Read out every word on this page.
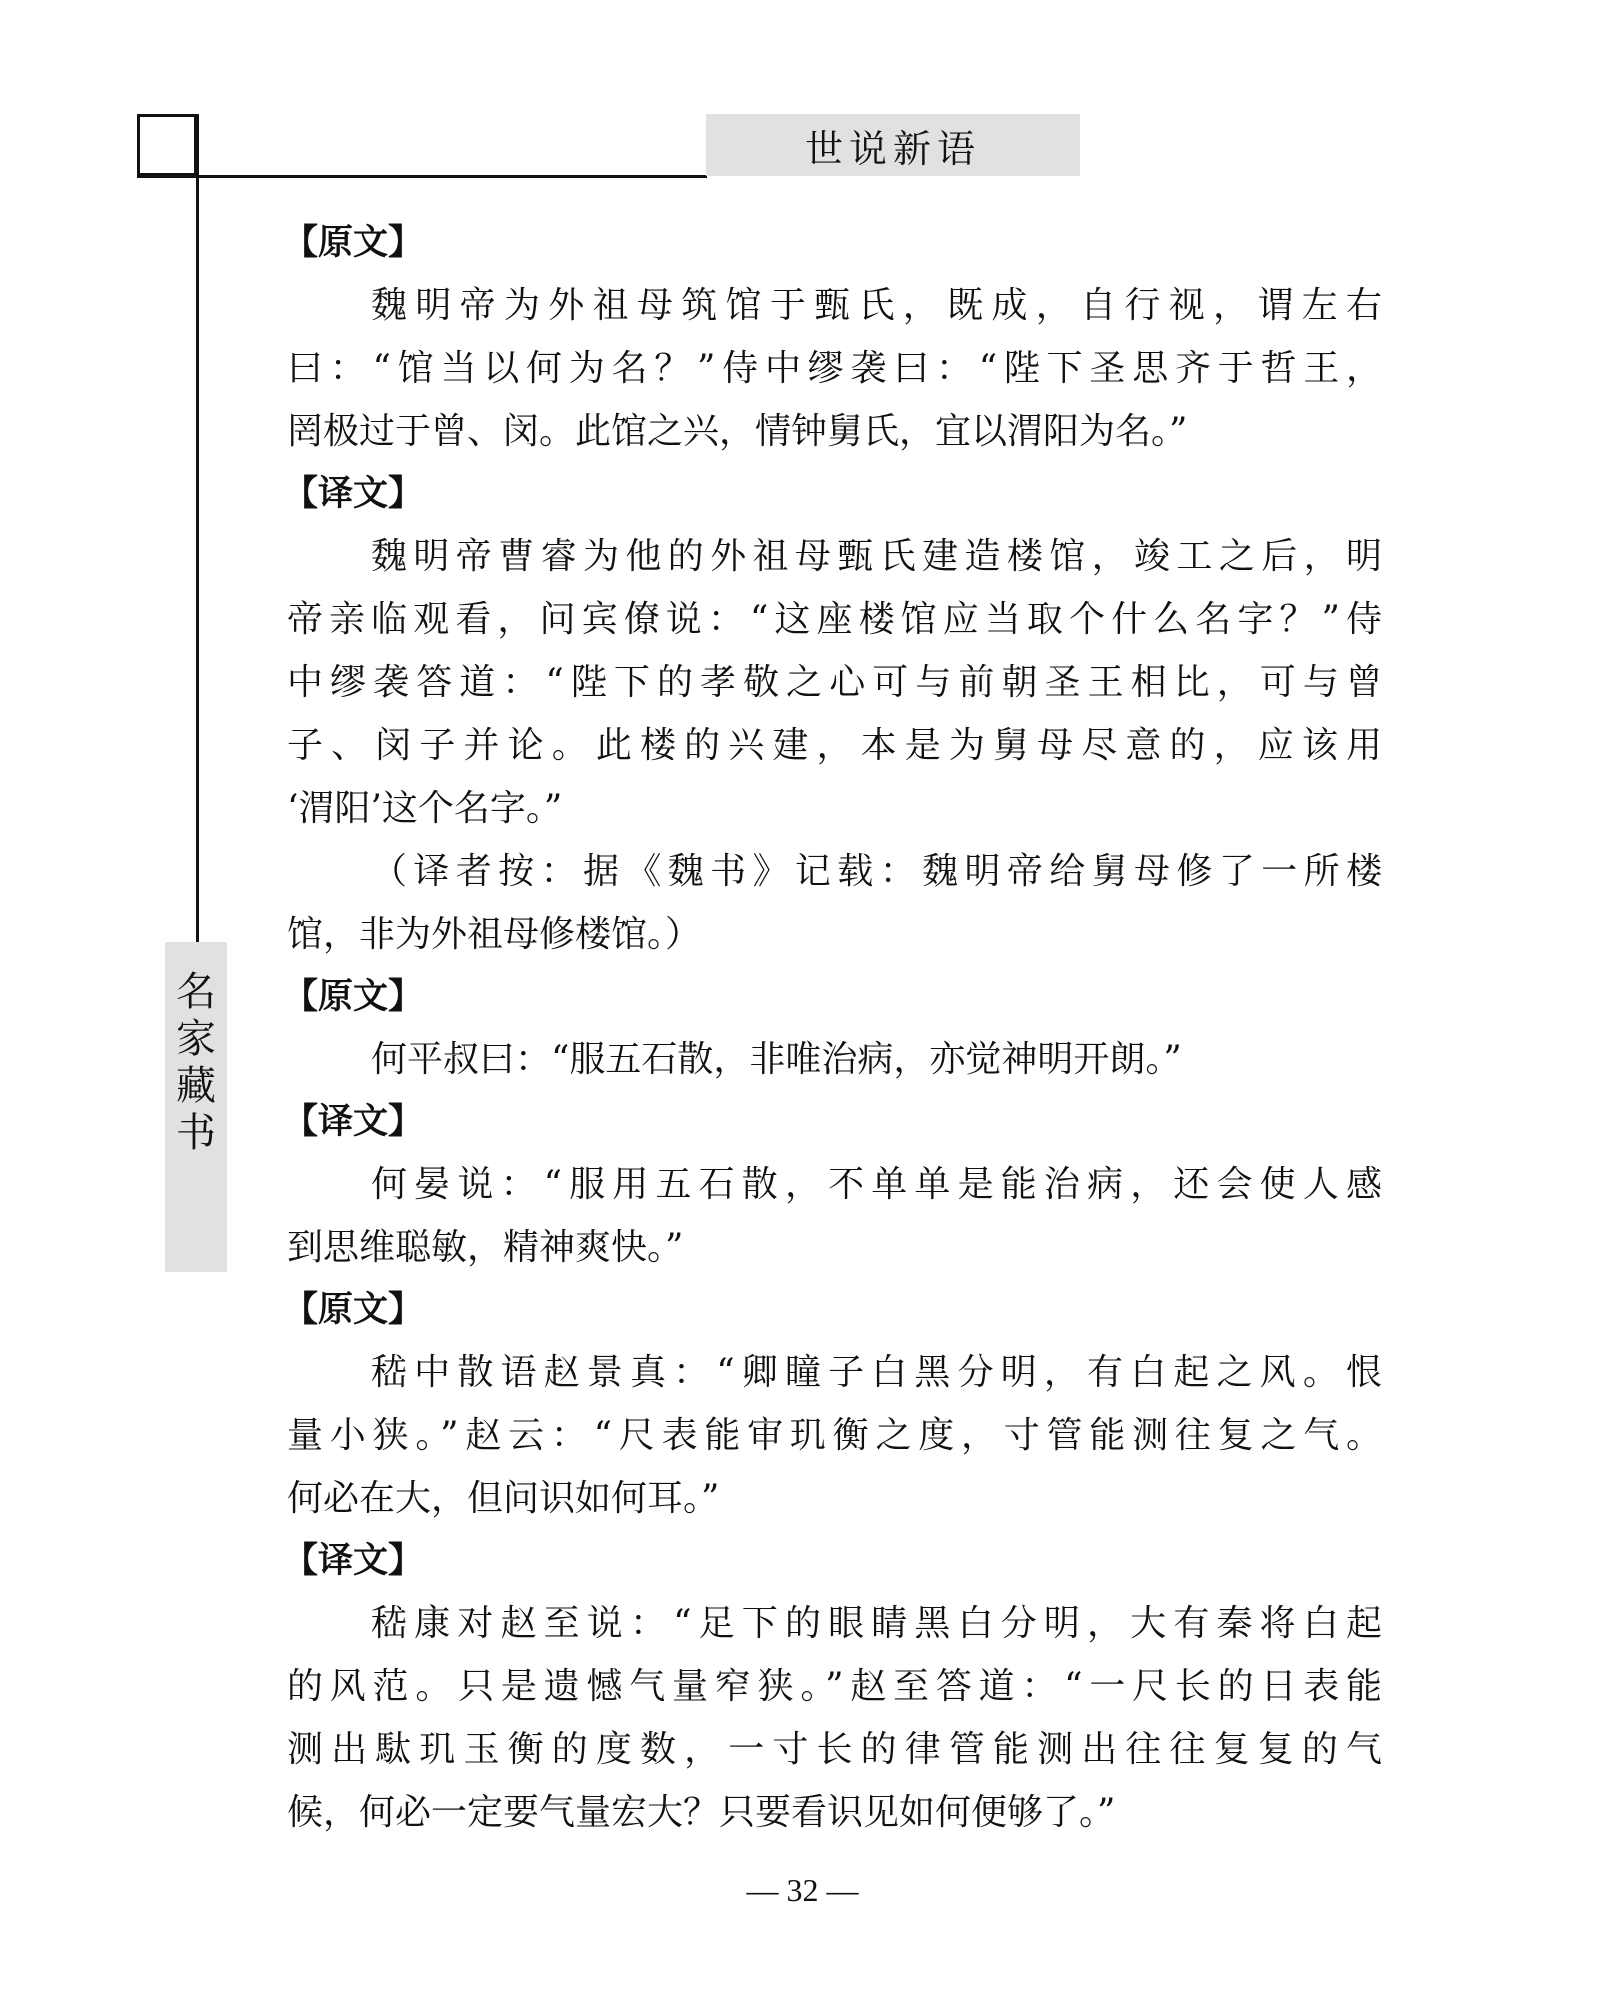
世说新语
名
家
藏
书
【原文】
魏明帝为外祖母筑馆于甄氏，既成，自行视，谓左右
曰：“馆当以何为名？”侍中缪袭曰：“陛下圣思齐于哲王，
罔极过于曾、闵。此馆之兴，情钟舅氏，宜以渭阳为名。”
【译文】
魏明帝曹睿为他的外祖母甄氏建造楼馆，竣工之后，明
帝亲临观看，问宾僚说：“这座楼馆应当取个什么名字？”侍
中缪袭答道：“陛下的孝敬之心可与前朝圣王相比，可与曾
子、闵子并论。此楼的兴建，本是为舅母尽意的，应该用
‘渭阳’这个名字。”
（译者按：据《魏书》记载：魏明帝给舅母修了一所楼
馆，非为外祖母修楼馆。）
【原文】
何平叔曰：“服五石散，非唯治病，亦觉神明开朗。”
【译文】
何晏说：“服用五石散，不单单是能治病，还会使人感
到思维聪敏，精神爽快。”
【原文】
嵇中散语赵景真：“卿瞳子白黑分明，有白起之风。恨
量小狭。”赵云：“尺表能审玑衡之度，寸管能测往复之气。
何必在大，但问识如何耳。”
【译文】
嵇康对赵至说：“足下的眼睛黑白分明，大有秦将白起
的风范。只是遗憾气量窄狭。”赵至答道：“一尺长的日表能
测出駄玑玉衡的度数，一寸长的律管能测出往往复复的气
候，何必一定要气量宏大？只要看识见如何便够了。”
— 32 —
